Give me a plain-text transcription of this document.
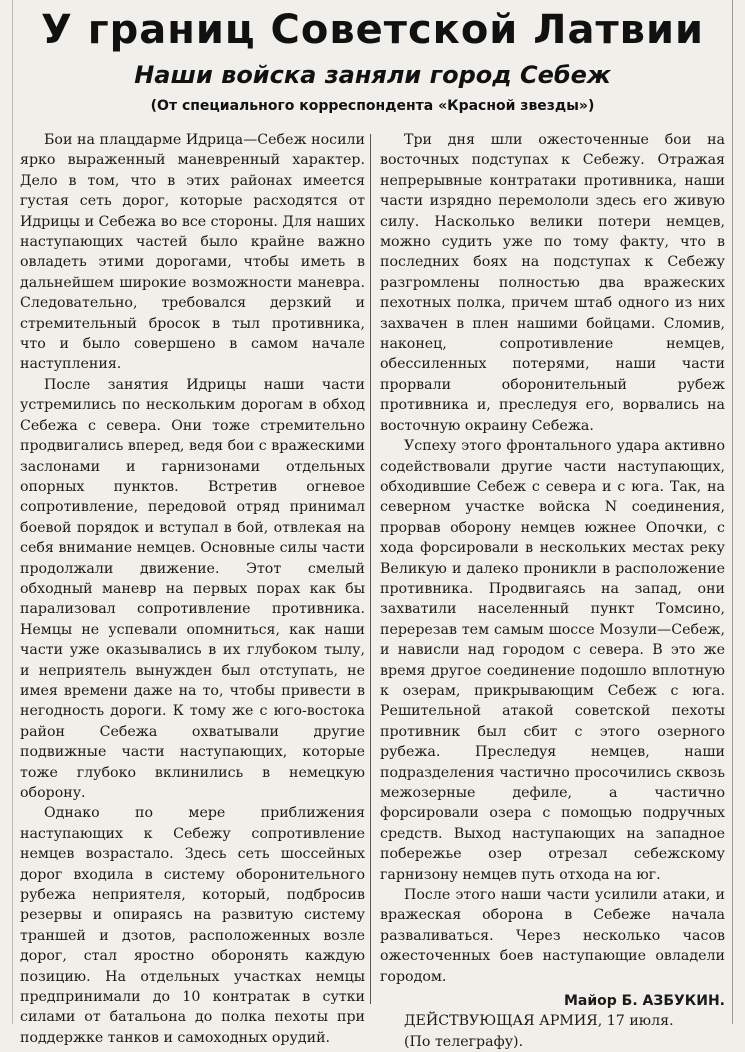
У границ Советской Латвии
Наши войска заняли город Себеж
(От специального корреспондента «Красной звезды»)

Бои на плацдарме Идрица—Себеж носили ярко выраженный маневренный характер. Дело в том, что в этих районах имеется густая сеть дорог, которые расходятся от Идрицы и Себежа во все стороны. Для наших наступающих частей было крайне важно овладеть этими дорогами, чтобы иметь в дальнейшем широкие возможности маневра. Следовательно, требовался дерзкий и стремительный бросок в тыл противника, что и было совершено в самом начале наступления.

После занятия Идрицы наши части устремились по нескольким дорогам в обход Себежа с севера. Они тоже стремительно продвигались вперед, ведя бои с вражескими заслонами и гарнизонами отдельных опорных пунктов. Встретив огневое сопротивление, передовой отряд принимал боевой порядок и вступал в бой, отвлекая на себя внимание немцев. Основные силы части продолжали движение. Этот смелый обходный маневр на первых порах как бы парализовал сопротивление противника. Немцы не успевали опомниться, как наши части уже оказывались в их глубоком тылу, и неприятель вынужден был отступать, не имея времени даже на то, чтобы привести в негодность дороги. К тому же с юго-востока район Себежа охватывали другие подвижные части наступающих, которые тоже глубоко вклинились в немецкую оборону.

Однако по мере приближения наступающих к Себежу сопротивление немцев возрастало. Здесь сеть шоссейных дорог входила в систему оборонительного рубежа неприятеля, который, подбросив резервы и опираясь на развитую систему траншей и дзотов, расположенных возле дорог, стал яростно оборонять каждую позицию. На отдельных участках немцы предпринимали до 10 контратак в сутки силами от батальона до полка пехоты при поддержке танков и самоходных орудий.

Три дня шли ожесточенные бои на восточных подступах к Себежу. Отражая непрерывные контратаки противника, наши части изрядно перемололи здесь его живую силу. Насколько велики потери немцев, можно судить уже по тому факту, что в последних боях на подступах к Себежу разгромлены полностью два вражеских пехотных полка, причем штаб одного из них захвачен в плен нашими бойцами. Сломив, наконец, сопротивление немцев, обессиленных потерями, наши части прорвали оборонительный рубеж противника и, преследуя его, ворвались на восточную окраину Себежа.

Успеху этого фронтального удара активно содействовали другие части наступающих, обходившие Себеж с севера и с юга. Так, на северном участке войска N соединения, прорвав оборону немцев южнее Опочки, с хода форсировали в нескольких местах реку Великую и далеко проникли в расположение противника. Продвигаясь на запад, они захватили населенный пункт Томсино, перерезав тем самым шоссе Мозули—Себеж, и нависли над городом с севера. В это же время другое соединение подошло вплотную к озерам, прикрывающим Себеж с юга. Решительной атакой советской пехоты противник был сбит с этого озерного рубежа. Преследуя немцев, наши подразделения частично просочились сквозь межозерные дефиле, а частично форсировали озера с помощью подручных средств. Выход наступающих на западное побережье озер отрезал себежскому гарнизону немцев путь отхода на юг.

После этого наши части усилили атаки, и вражеская оборона в Себеже начала разваливаться. Через несколько часов ожесточенных боев наступающие овладели городом.

Майор Б. АЗБУКИН.

ДЕЙСТВУЮЩАЯ АРМИЯ, 17 июля.

(По телеграфу).
